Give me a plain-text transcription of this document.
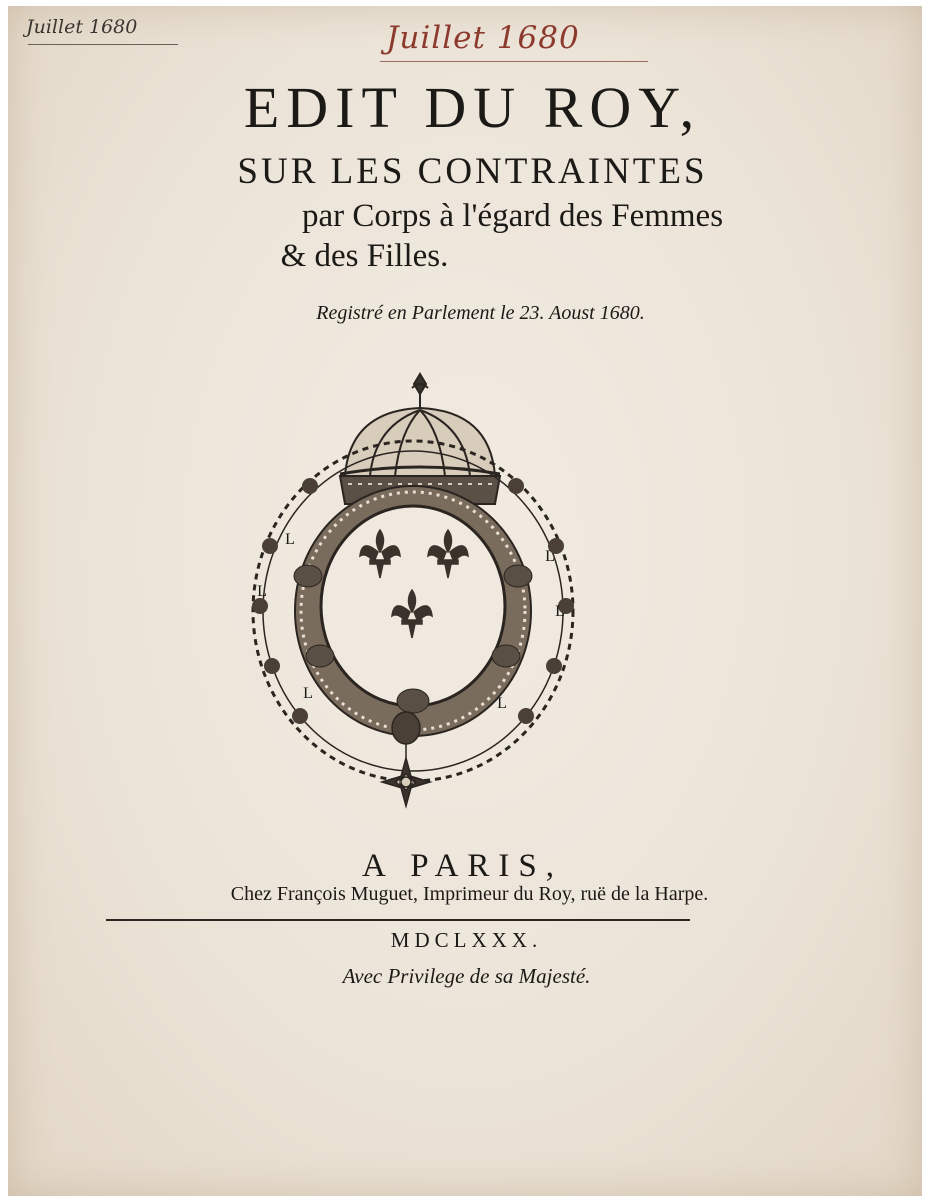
Juillet 1680	Juillet 1680
EDIT DU ROY,
SUR LES CONTRAINTES
par Corps à l'égard des Femmes
& des Filles.
Registré en Parlement le 23. Aoust 1680.
L
L
L
L
L
L
A PARIS,
Chez François Muguet, Imprimeur du Roy, ruë de la Harpe.
MDCLXXX.
Avec Privilege de sa Majesté.
